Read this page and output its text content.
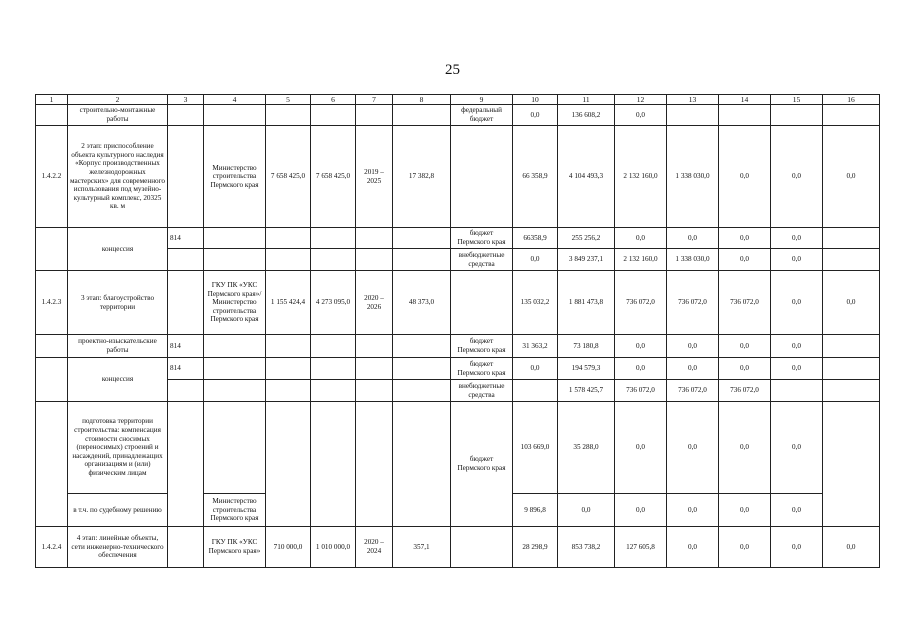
25
1	2	3	4	5	6	7	8	9	10	11	12	13	14	15	16
	строительно-монтажные работы							федеральный бюджет	0,0	136 608,2	0,0				
1.4.2.2	2 этап: приспособление объекта культурного наследия «Корпус производственных железнодорожных мастерских» для современного использования под музейно-культурный комплекс, 20325 кв. м		Министерство строительства Пермского края	7 658 425,0	7 658 425,0	2019 – 2025	17 382,8		66 358,9	4 104 493,3	2 132 160,0	1 338 030,0	0,0	0,0	0,0
	концессия	814						бюджет Пермского края	66358,9	255 256,2	0,0	0,0	0,0	0,0	
								внебюджетные средства	0,0	3 849 237,1	2 132 160,0	1 338 030,0	0,0	0,0	
1.4.2.3	3 этап: благоустройство территории		ГКУ ПК «УКС Пермского края»/ Министерство строительства Пермского края	1 155 424,4	4 273 095,0	2020 – 2026	48 373,0		135 032,2	1 881 473,8	736 072,0	736 072,0	736 072,0	0,0	0,0
	проектно-изыскательские работы	814						бюджет Пермского края	31 363,2	73 180,8	0,0	0,0	0,0	0,0	
	концессия	814						бюджет Пермского края	0,0	194 579,3	0,0	0,0	0,0	0,0	
								внебюджетные средства		1 578 425,7	736 072,0	736 072,0	736 072,0		
	подготовка территории строительства: компенсация стоимости сносимых (переносимых) строений и насаждений, принадлежащих организациям и (или) физическим лицам							бюджет Пермского края	103 669,0	35 288,0	0,0	0,0	0,0	0,0	
	в т.ч. по судебному решению		Министерство строительства Пермского края						9 896,8	0,0	0,0	0,0	0,0	0,0	
1.4.2.4	4 этап: линейные объекты, сети инженерно-технического обеспечения		ГКУ ПК «УКС Пермского края»	710 000,0	1 010 000,0	2020 – 2024	357,1		28 298,9	853 738,2	127 605,8	0,0	0,0	0,0	0,0
